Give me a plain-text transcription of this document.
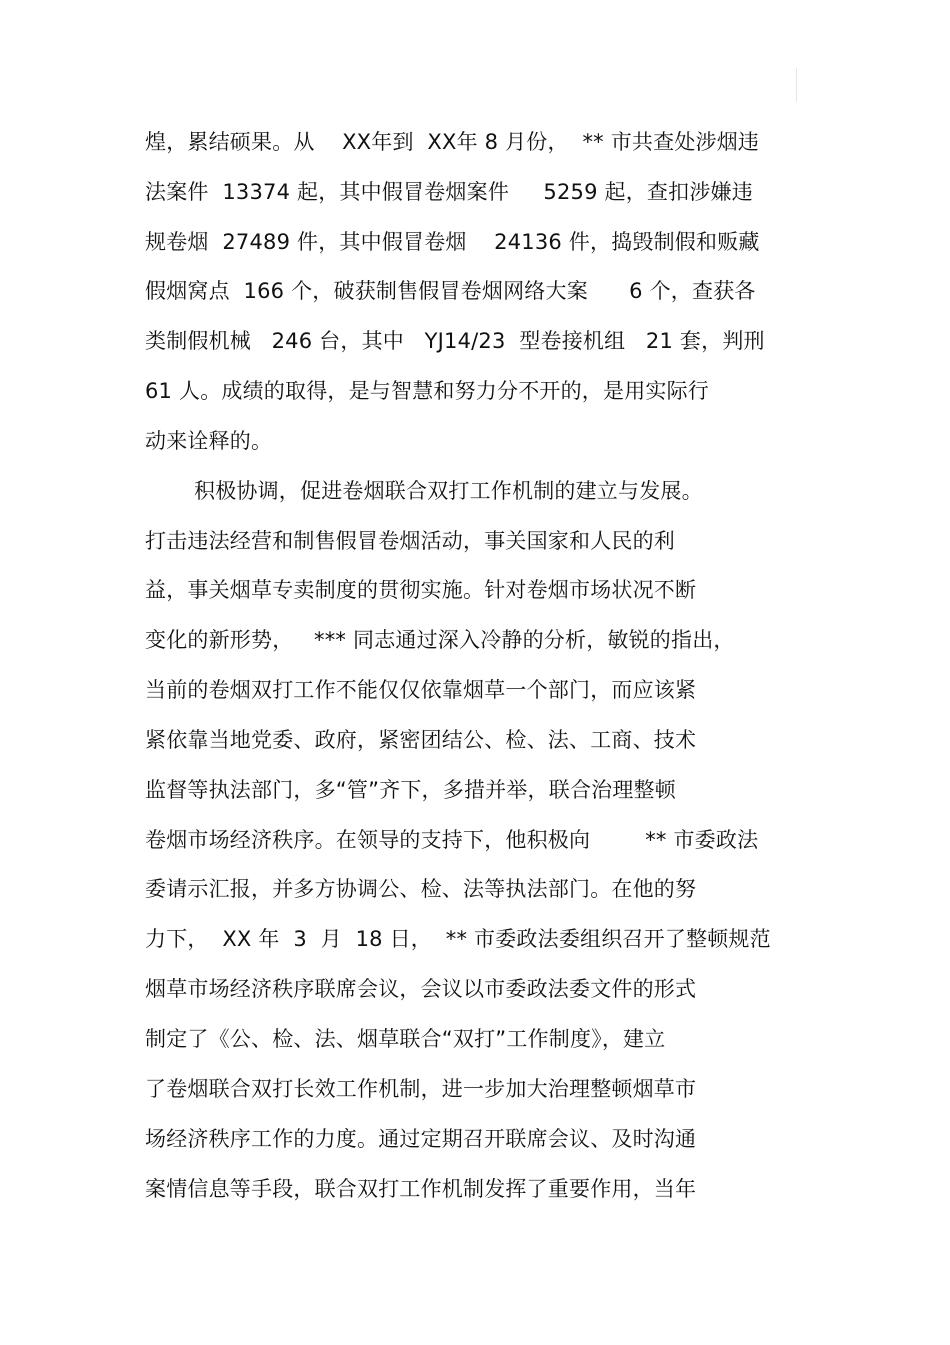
煌，累结硕果。从    XX年到  XX年 8 月份，  ** 市共查处涉烟违
法案件  13374 起，其中假冒卷烟案件     5259 起，查扣涉嫌违
规卷烟  27489 件，其中假冒卷烟    24136 件，捣毁制假和贩藏
假烟窝点  166 个，破获制售假冒卷烟网络大案      6 个，查获各
类制假机械   246 台，其中   YJ14/23  型卷接机组   21 套，判刑
61 人。成绩的取得，是与智慧和努力分不开的，是用实际行
动来诠释的。
积极协调，促进卷烟联合双打工作机制的建立与发展。
打击违法经营和制售假冒卷烟活动，事关国家和人民的利
益，事关烟草专卖制度的贯彻实施。针对卷烟市场状况不断
变化的新形势，   *** 同志通过深入冷静的分析，敏锐的指出，
当前的卷烟双打工作不能仅仅依靠烟草一个部门，而应该紧
紧依靠当地党委、政府，紧密团结公、检、法、工商、技术
监督等执法部门，多“管”齐下，多措并举，联合治理整顿
卷烟市场经济秩序。在领导的支持下，他积极向        ** 市委政法
委请示汇报，并多方协调公、检、法等执法部门。在他的努
力下，  XX 年  3  月  18 日，  ** 市委政法委组织召开了整顿规范
烟草市场经济秩序联席会议，会议以市委政法委文件的形式
制定了《公、检、法、烟草联合“双打”工作制度》，建立
了卷烟联合双打长效工作机制，进一步加大治理整顿烟草市
场经济秩序工作的力度。通过定期召开联席会议、及时沟通
案情信息等手段，联合双打工作机制发挥了重要作用，当年
